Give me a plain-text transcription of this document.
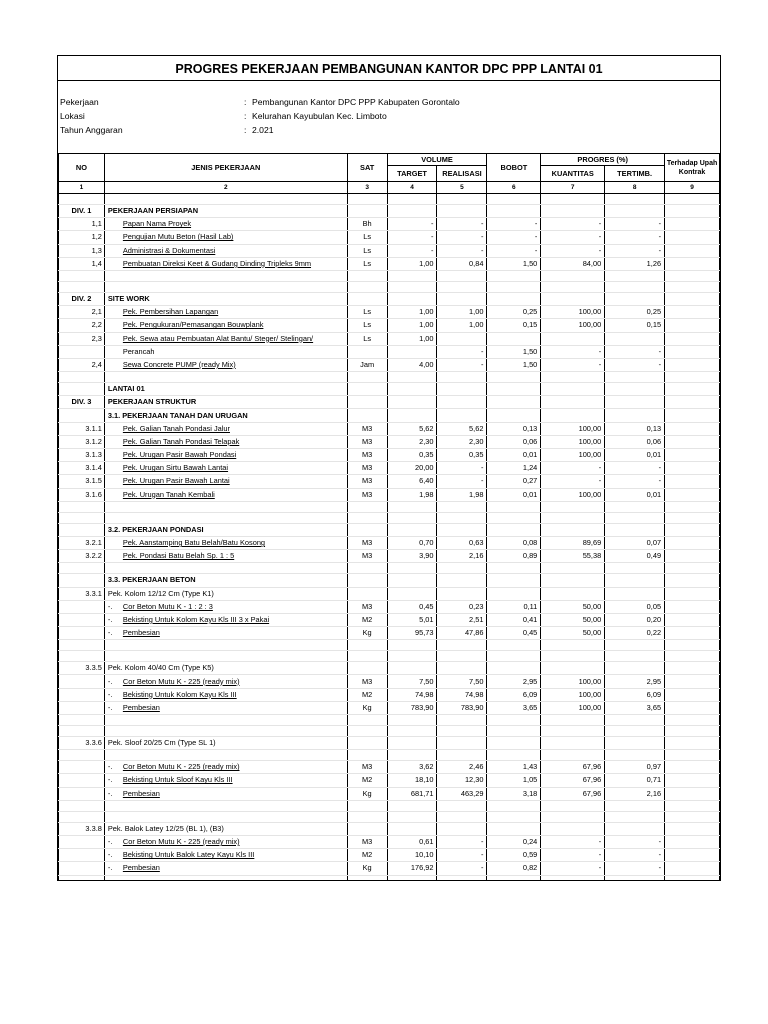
PROGRES PEKERJAAN PEMBANGUNAN KANTOR DPC PPP LANTAI 01
Pekerjaan	: Pembangunan Kantor DPC PPP Kabupaten Gorontalo
Lokasi	: Kelurahan Kayubulan Kec. Limboto
Tahun Anggaran	: 2.021
NO	JENIS PEKERJAAN	SAT	VOLUME		BOBOT	PROGRES (%)		Terhadap Upah Kontrak
			TARGET	REALISASI		KUANTITAS	TERTIMB.	
1	2	3	4	5	6	7	8	9

DIV. 1	PEKERJAAN PERSIAPAN							
1,1	Papan Nama Proyek	Bh	-	-	-	-	-	
1,2	Pengujian Mutu Beton (Hasil Lab)	Ls	-	-	-	-	-	
1,3	Administrasi & Dokumentasi	Ls	-	-	-	-	-	
1,4	Pembuatan Direksi Keet & Gudang Dinding Tripleks 9mm	Ls	1,00	0,84	1,50	84,00	1,26	

DIV. 2	SITE WORK							
2,1	Pek. Pembersihan Lapangan	Ls	1,00	1,00	0,25	100,00	0,25	
2,2	Pek. Pengukuran/Pemasangan Bouwplank	Ls	1,00	1,00	0,15	100,00	0,15	
2,3	Pek. Sewa atau Pembuatan Alat Bantu/ Steger/ Stelingan/	Ls	1,00					
	Perancah			-	1,50	-	-	
2,4	Sewa Concrete PUMP (ready Mix)	Jam	4,00	-	1,50	-	-	

	LANTAI 01							
DIV. 3	PEKERJAAN STRUKTUR							
	3.1. PEKERJAAN TANAH DAN URUGAN							
3.1.1	Pek. Galian Tanah Pondasi Jalur	M3	5,62	5,62	0,13	100,00	0,13	
3.1.2	Pek. Galian Tanah Pondasi Telapak	M3	2,30	2,30	0,06	100,00	0,06	
3.1.3	Pek. Urugan Pasir Bawah Pondasi	M3	0,35	0,35	0,01	100,00	0,01	
3.1.4	Pek. Urugan Sirtu Bawah Lantai	M3	20,00	-	1,24	-	-	
3.1.5	Pek. Urugan Pasir Bawah Lantai	M3	6,40	-	0,27	-	-	
3.1.6	Pek. Urugan Tanah Kembali	M3	1,98	1,98	0,01	100,00	0,01	

	3.2. PEKERJAAN PONDASI							
3.2.1	Pek. Aanstamping Batu Belah/Batu Kosong	M3	0,70	0,63	0,08	89,69	0,07	
3.2.2	Pek. Pondasi Batu Belah Sp. 1 : 5	M3	3,90	2,16	0,89	55,38	0,49	

	3.3. PEKERJAAN BETON							
3.3.1	Pek. Kolom 12/12 Cm (Type K1)							
	-. Cor Beton Mutu K - 1 : 2 : 3	M3	0,45	0,23	0,11	50,00	0,05	
	-. Bekisting Untuk Kolom Kayu Kls III 3 x Pakai	M2	5,01	2,51	0,41	50,00	0,20	
	-. Pembesian	Kg	95,73	47,86	0,45	50,00	0,22	

3.3.5	Pek. Kolom 40/40 Cm (Type K5)							
	-. Cor Beton Mutu K - 225 (ready mix)	M3	7,50	7,50	2,95	100,00	2,95	
	-. Bekisting Untuk Kolom Kayu Kls III	M2	74,98	74,98	6,09	100,00	6,09	
	-. Pembesian	Kg	783,90	783,90	3,65	100,00	3,65	

3.3.6	Pek. Sloof 20/25 Cm (Type SL 1)							

	-. Cor Beton Mutu K - 225 (ready mix)	M3	3,62	2,46	1,43	67,96	0,97	
	-. Bekisting Untuk Sloof Kayu Kls III	M2	18,10	12,30	1,05	67,96	0,71	
	-. Pembesian	Kg	681,71	463,29	3,18	67,96	2,16	

3.3.8	Pek. Balok Latey 12/25 (BL 1), (B3)							
	-. Cor Beton Mutu K - 225 (ready mix)	M3	0,61	-	0,24	-	-	
	-. Bekisting Untuk Balok Latey Kayu Kls III	M2	10,10	-	0,59	-	-	
	-. Pembesian	Kg	176,92	-	0,82	-	-	
